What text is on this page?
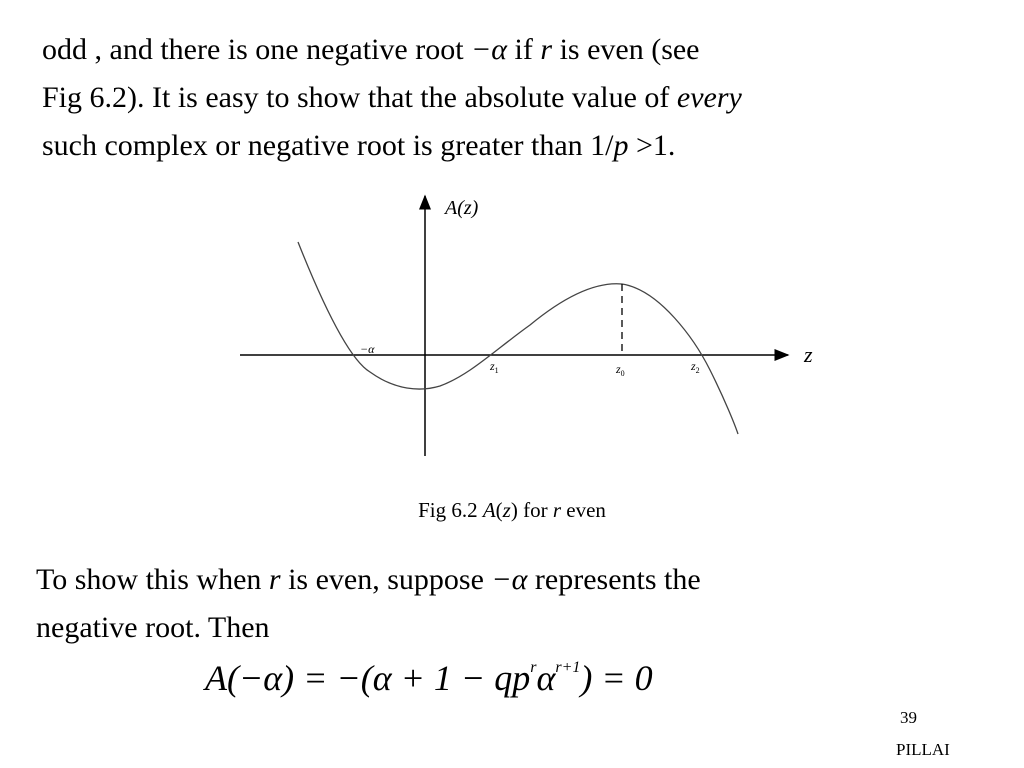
odd , and there is one negative root −α if r is even (see
Fig 6.2). It is easy to show that the absolute value of every
such complex or negative root is greater than 1/p >1.

A(z)
z
−α
$z_1$	$z_0$
$z_2$
Fig 6.2 A(z) for r even

To show this when r is even, suppose −α represents the
negative root. Then

$A(-\alpha) = -(\alpha + 1 - qp^r\alpha^{r+1}) = 0$
39
PILLAI
